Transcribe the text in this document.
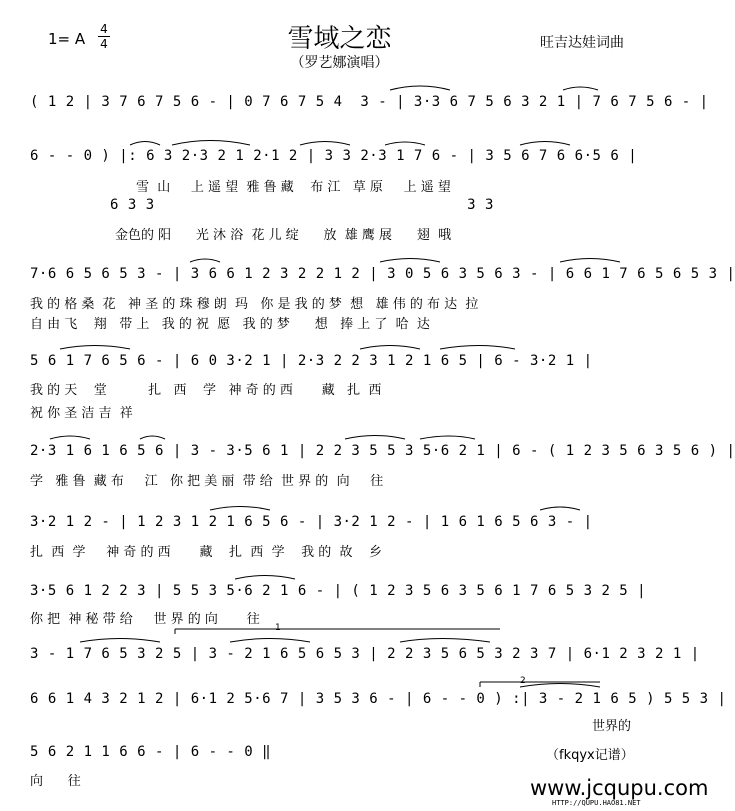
雪域之恋
（罗艺娜演唱）
1= A
4
4	旺吉达娃词曲
( 1 2 | 3 7 6 7 5 6 - | 0 7 6 7 5 4  3 - | 3·3 6 7 5 6 3 2 1 | 7 6 7 5 6 - |
6 - - 0 ) |: 6 3 2·3 2 1 2·1 2 | 3 3 2·3 1 7 6 - | 3 5 6 7 6 6·5 6 |
雪  山     上 遥 望  雅 鲁 藏    布 江   草 原     上 遥 望
6 3 3                                   3 3
金色的 阳      光 沐 浴  花 儿 绽      放  雄 鹰 展      翅  哦
7·6 6 5 6 5 3 - | 3 6 6 1 2 3 2 2 1 2 | 3 0 5 6 3 5 6 3 - | 6 6 1 7 6 5 6 5 3 |
我 的 格 桑  花   神 圣 的 珠 穆 朗  玛   你 是 我 的 梦  想   雄 伟 的 布 达  拉
自 由 飞    翔   带 上   我 的 祝  愿   我 的 梦      想   捧 上 了  哈  达
5 6 1 7 6 5 6 - | 6 0 3·2 1 | 2·3 2 2 3 1 2 1 6 5 | 6 - 3·2 1 |
我 的 天    堂          扎   西    学   神 奇 的 西       藏   扎  西
祝 你 圣 洁 吉  祥
2·3 1 6 1 6 5 6 | 3 - 3·5 6 1 | 2 2 3 5 5 3 5·6 2 1 | 6 - ( 1 2 3 5 6 3 5 6 ) |
学   雅 鲁  藏 布     江   你 把 美 丽  带 给  世 界 的  向     往
3·2 1 2 - | 1 2 3 1 2 1 6 5 6 - | 3·2 1 2 - | 1 6 1 6 5 6 3 - |
扎  西  学     神 奇 的 西       藏    扎  西  学    我 的  故    乡
3·5 6 1 2 2 3 | 5 5 3 5·6 2 1 6 - | ( 1 2 3 5 6 3 5 6 1 7 6 5 3 2 5 |
你 把  神 秘 带 给     世 界 的 向       往
1
3 - 1 7 6 5 3 2 5 | 3 - 2 1 6 5 6 5 3 | 2 2 3 5 6 5 3 2 3 7 | 6·1 2 3 2 1 |
2
6 6 1 4 3 2 1 2 | 6·1 2 5·6 7 | 3 5 3 6 - | 6 - - 0 ) :| 3 - 2 1 6 5 ) 5 5 3 |
世界的
5 6 2 1 1 6 6 - | 6 - - 0 ‖
向      往
（fkqyx记谱）
www.jcqupu.com
HTTP://QUPU.HAO81.NET
